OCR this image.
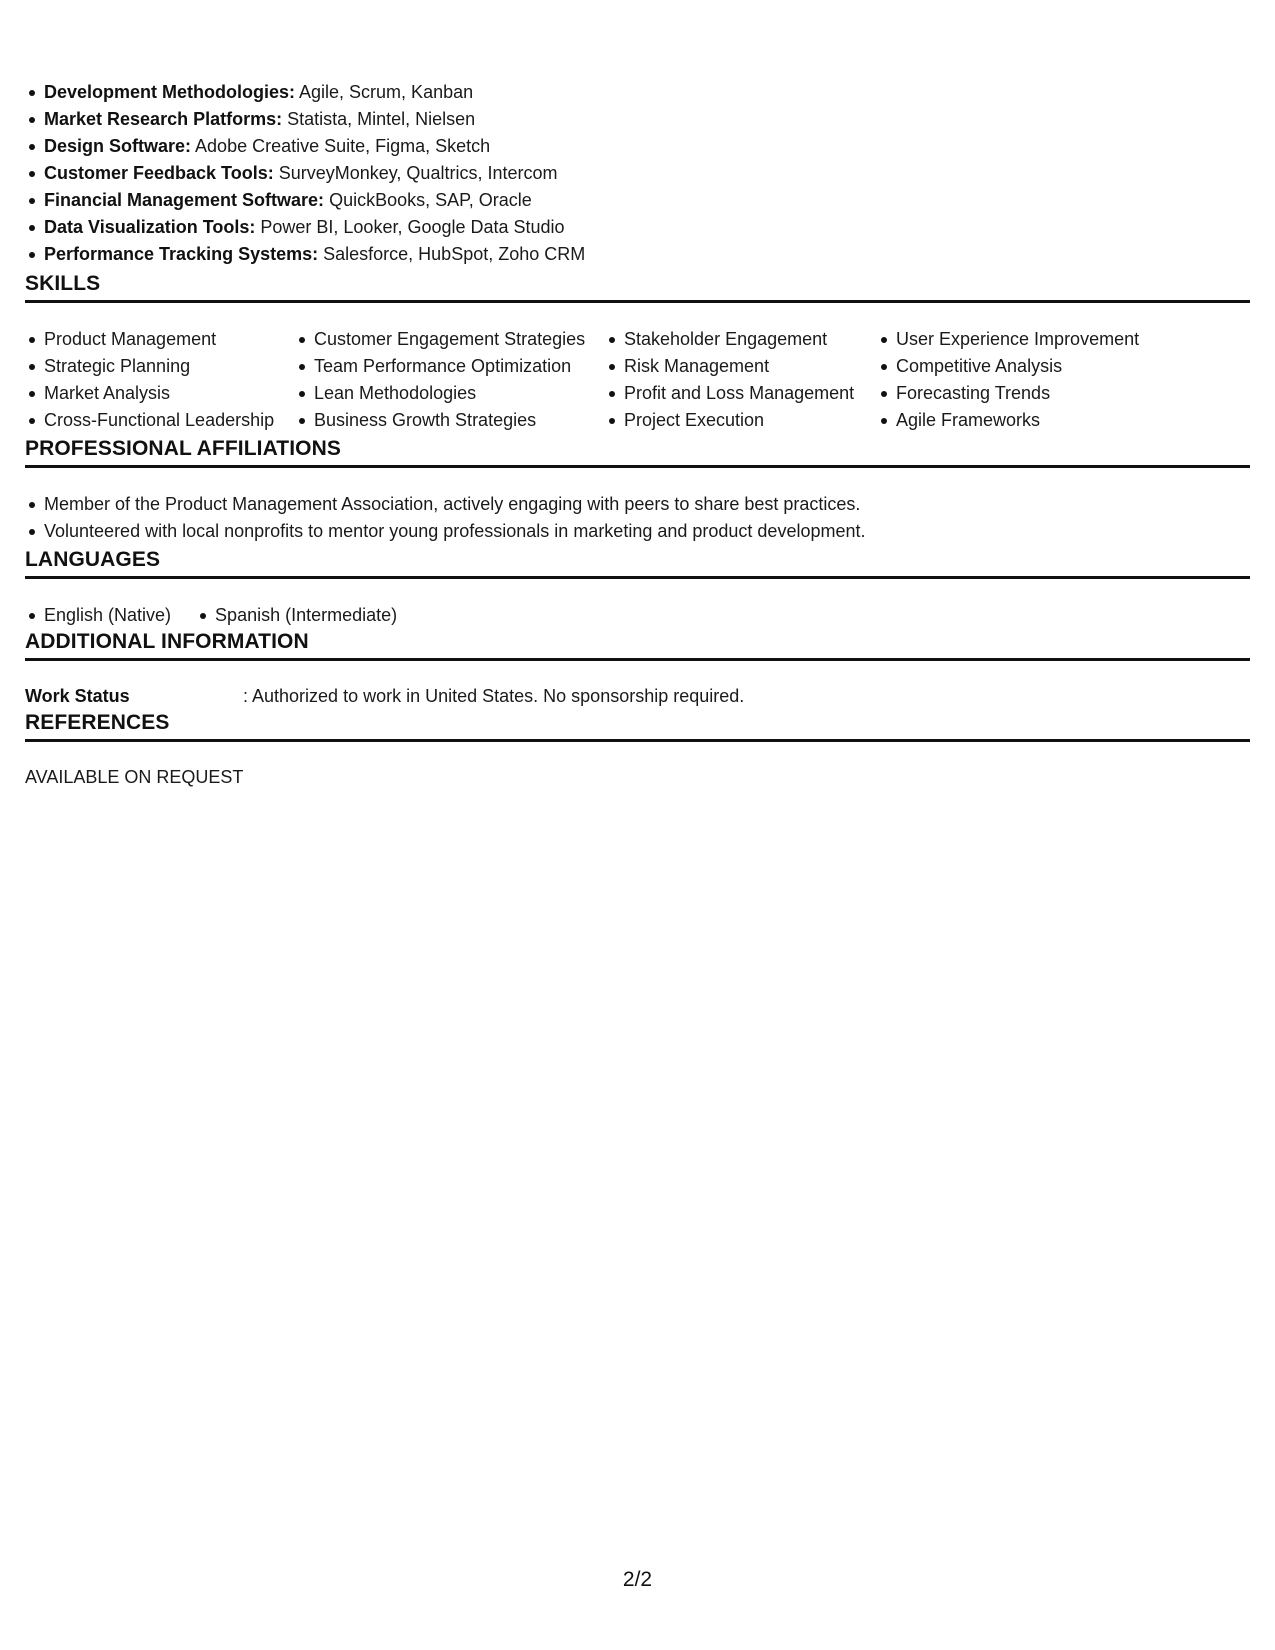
Development Methodologies: Agile, Scrum, Kanban
Market Research Platforms: Statista, Mintel, Nielsen
Design Software: Adobe Creative Suite, Figma, Sketch
Customer Feedback Tools: SurveyMonkey, Qualtrics, Intercom
Financial Management Software: QuickBooks, SAP, Oracle
Data Visualization Tools: Power BI, Looker, Google Data Studio
Performance Tracking Systems: Salesforce, HubSpot, Zoho CRM
SKILLS
Product Management
Strategic Planning
Market Analysis
Cross-Functional Leadership
Customer Engagement Strategies
Team Performance Optimization
Lean Methodologies
Business Growth Strategies
Stakeholder Engagement
Risk Management
Profit and Loss Management
Project Execution
User Experience Improvement
Competitive Analysis
Forecasting Trends
Agile Frameworks
PROFESSIONAL AFFILIATIONS
Member of the Product Management Association, actively engaging with peers to share best practices.
Volunteered with local nonprofits to mentor young professionals in marketing and product development.
LANGUAGES
English (Native)	Spanish (Intermediate)
ADDITIONAL INFORMATION
Work Status	: Authorized to work in United States. No sponsorship required.
REFERENCES
AVAILABLE ON REQUEST
2/2
